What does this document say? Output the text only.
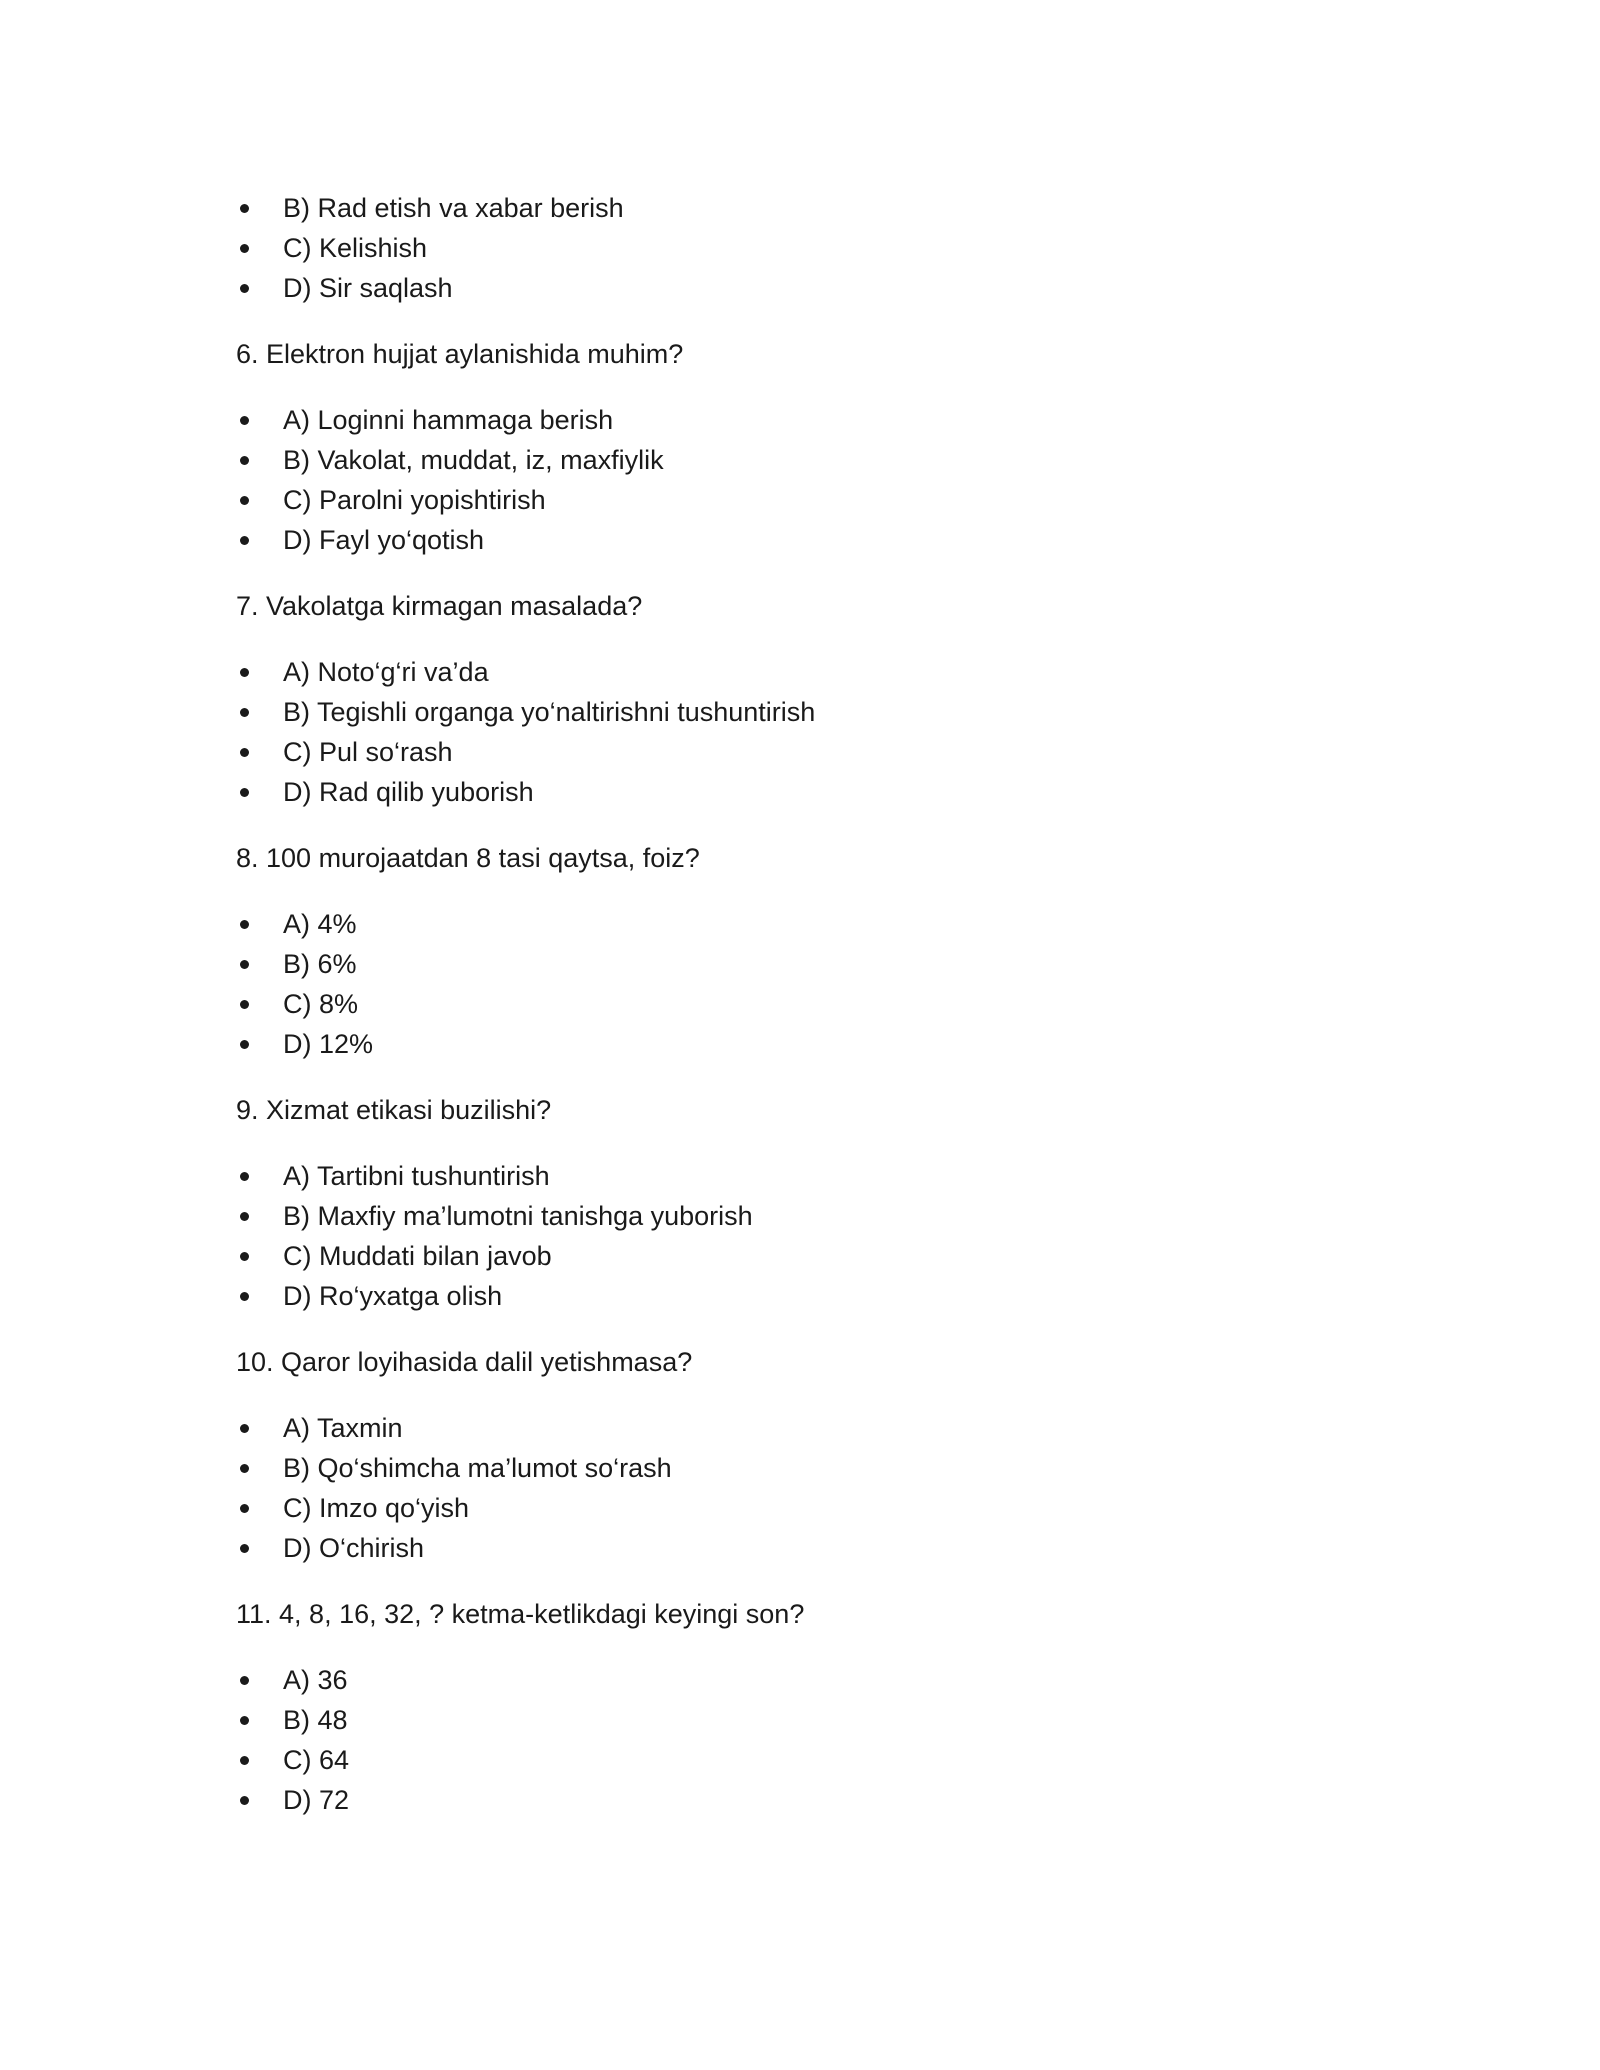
B) Rad etish va xabar berish
C) Kelishish
D) Sir saqlash

6. Elektron hujjat aylanishida muhim?

A) Loginni hammaga berish
B) Vakolat, muddat, iz, maxfiylik
C) Parolni yopishtirish
D) Fayl yo‘qotish

7. Vakolatga kirmagan masalada?

A) Noto‘g‘ri va’da
B) Tegishli organga yo‘naltirishni tushuntirish
C) Pul so‘rash
D) Rad qilib yuborish

8. 100 murojaatdan 8 tasi qaytsa, foiz?

A) 4%
B) 6%
C) 8%
D) 12%

9. Xizmat etikasi buzilishi?

A) Tartibni tushuntirish
B) Maxfiy ma’lumotni tanishga yuborish
C) Muddati bilan javob
D) Ro‘yxatga olish

10. Qaror loyihasida dalil yetishmasa?

A) Taxmin
B) Qo‘shimcha ma’lumot so‘rash
C) Imzo qo‘yish
D) O‘chirish

11. 4, 8, 16, 32, ? ketma-ketlikdagi keyingi son?

A) 36
B) 48
C) 64
D) 72
